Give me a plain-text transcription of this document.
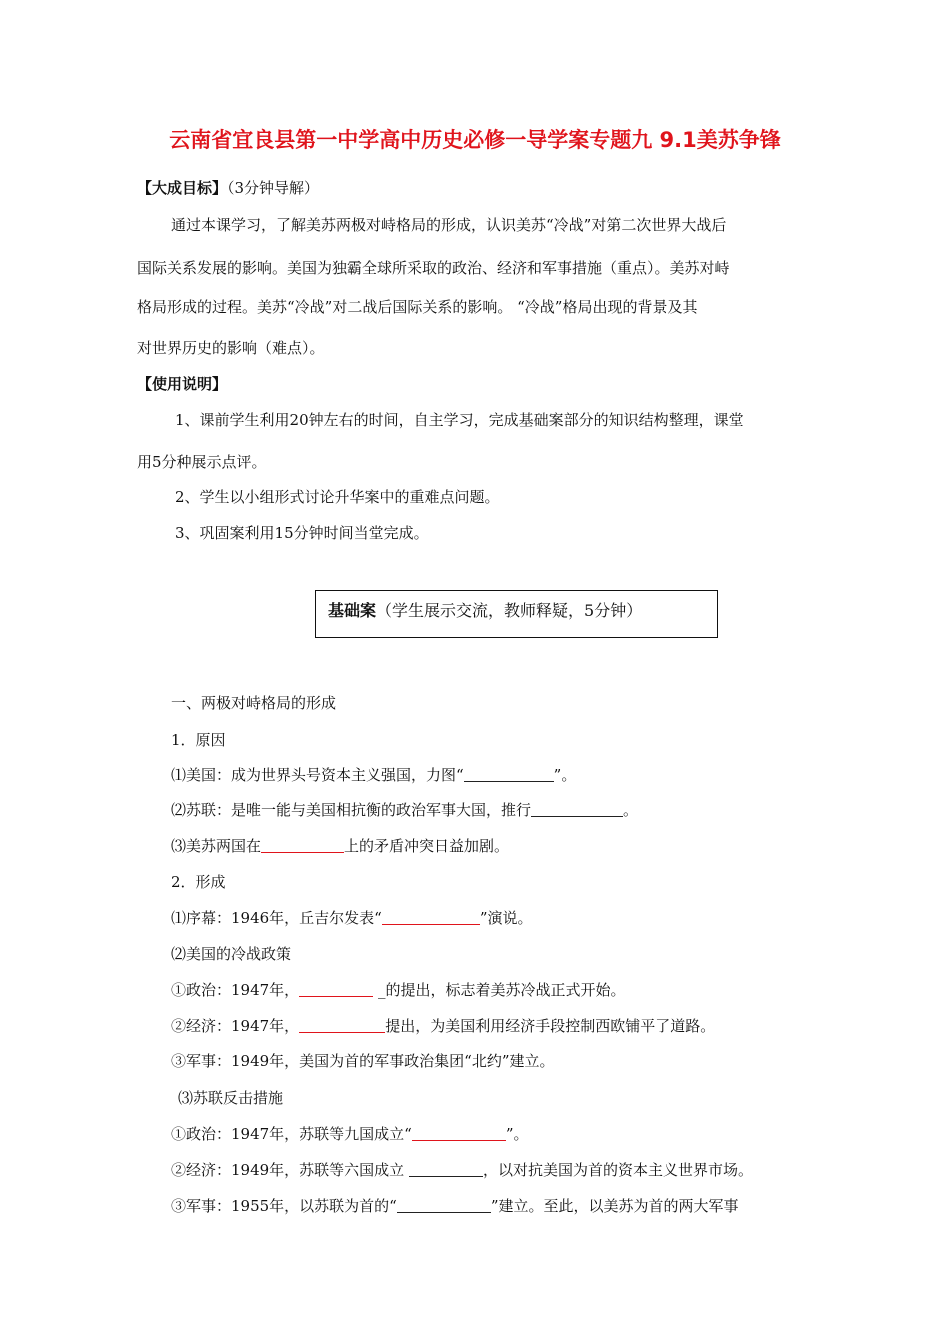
云南省宜良县第一中学高中历史必修一导学案专题九 9.1美苏争锋
【大成目标】（3分钟导解）
通过本课学习，了解美苏两极对峙格局的形成，认识美苏“冷战”对第二次世界大战后
国际关系发展的影响。美国为独霸全球所采取的政治、经济和军事措施（重点）。美苏对峙
格局形成的过程。美苏“冷战”对二战后国际关系的影响。 “冷战”格局出现的背景及其
对世界历史的影响（难点）。
【使用说明】
1、课前学生利用20钟左右的时间，自主学习，完成基础案部分的知识结构整理，课堂
用5分种展示点评。
2、学生以小组形式讨论升华案中的重难点问题。
3、巩固案利用15分钟时间当堂完成。
基础案（学生展示交流，教师释疑，5分钟）
一、两极对峙格局的形成
1．原因
⑴美国：成为世界头号资本主义强国，力图“	”。
⑵苏联：是唯一能与美国相抗衡的政治军事大国，推行	。
⑶美苏两国在	上的矛盾冲突日益加剧。
2．形成
⑴序幕：1946年，丘吉尔发表“	”演说。
⑵美国的冷战政策
①政治：1947年，	_的提出，标志着美苏冷战正式开始。
②经济：1947年，	提出，为美国利用经济手段控制西欧铺平了道路。
③军事：1949年，美国为首的军事政治集团“北约”建立。
⑶苏联反击措施
①政治：1947年，苏联等九国成立“	”。
②经济：1949年，苏联等六国成立	，以对抗美国为首的资本主义世界市场。
③军事：1955年，以苏联为首的“	”建立。至此，以美苏为首的两大军事
